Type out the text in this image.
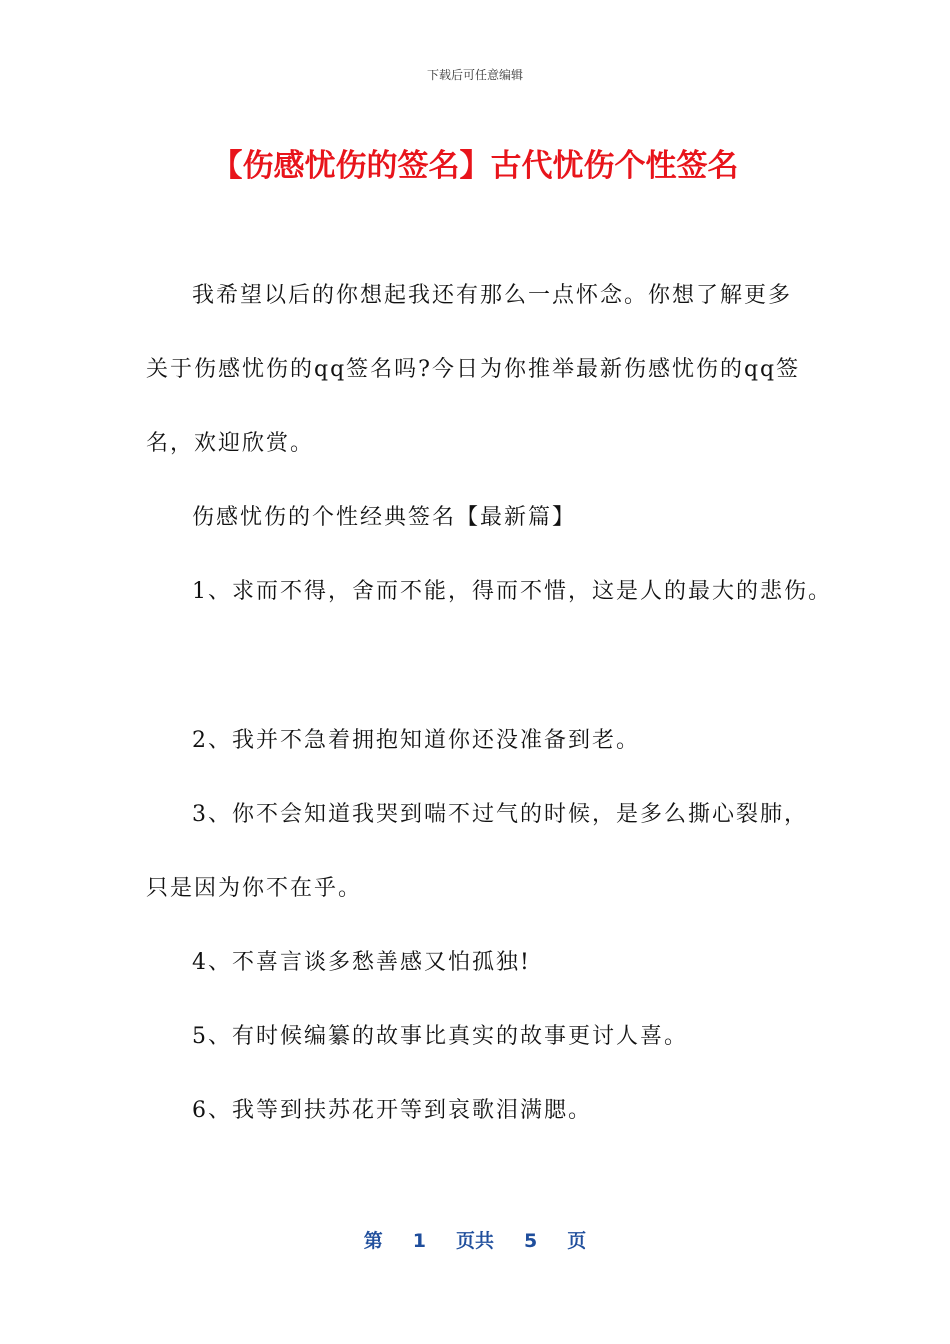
下载后可任意编辑
【伤感忧伤的签名】古代忧伤个性签名

我希望以后的你想起我还有那么一点怀念。你想了解更多

关于伤感忧伤的qq签名吗?今日为你推举最新伤感忧伤的qq签

名，欢迎欣赏。

伤感忧伤的个性经典签名【最新篇】

1、求而不得，舍而不能，得而不惜，这是人的最大的悲伤。

2、我并不急着拥抱知道你还没准备到老。

3、你不会知道我哭到喘不过气的时候，是多么撕心裂肺，

只是因为你不在乎。

4、不喜言谈多愁善感又怕孤独!

5、有时候编纂的故事比真实的故事更讨人喜。

6、我等到扶苏花开等到哀歌泪满腮。

第 1 页共 5 页
